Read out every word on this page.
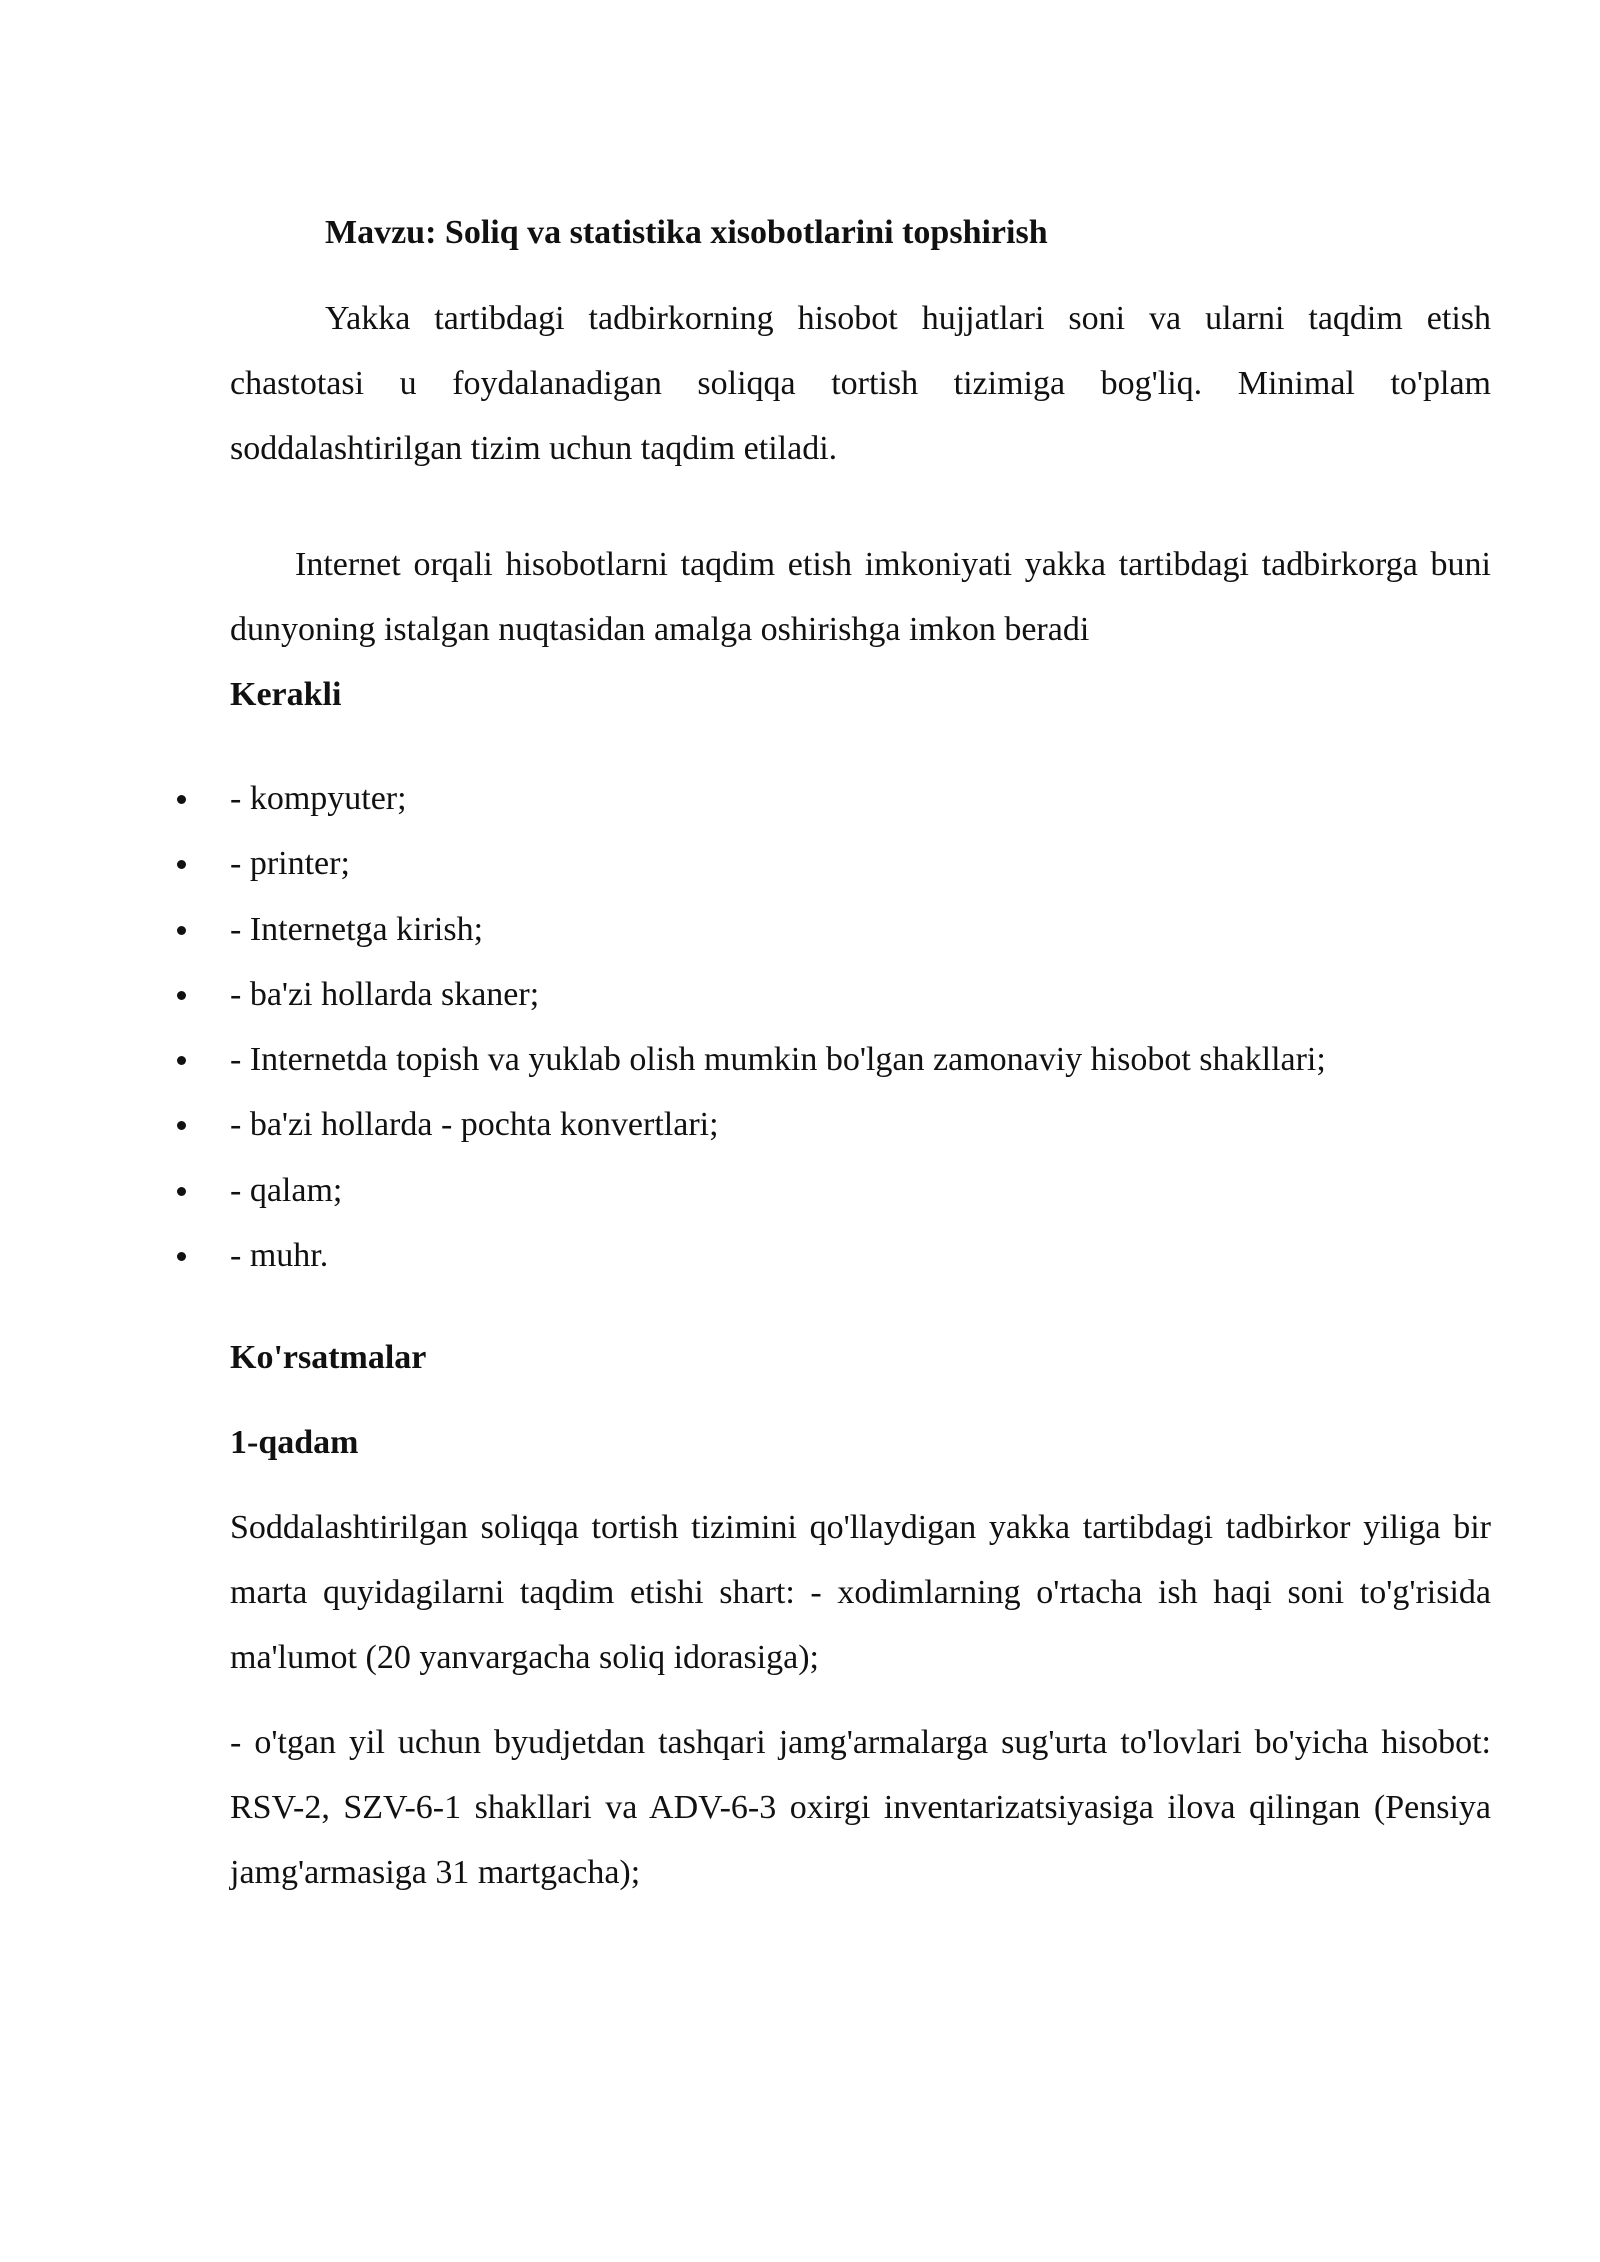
Mavzu: Soliq va statistika xisobotlarini topshirish
Yakka tartibdagi tadbirkorning hisobot hujjatlari soni va ularni taqdim etish chastotasi u foydalanadigan soliqqa tortish tizimiga bog'liq. Minimal to'plam soddalashtirilgan tizim uchun taqdim etiladi.
Internet orqali hisobotlarni taqdim etish imkoniyati yakka tartibdagi tadbirkorga buni dunyoning istalgan nuqtasidan amalga oshirishga imkon beradi
Kerakli
- kompyuter;
- printer;
- Internetga kirish;
- ba'zi hollarda skaner;
- Internetda topish va yuklab olish mumkin bo'lgan zamonaviy hisobot shakllari;
- ba'zi hollarda - pochta konvertlari;
- qalam;
- muhr.
Ko'rsatmalar
1-qadam
Soddalashtirilgan soliqqa tortish tizimini qo'llaydigan yakka tartibdagi tadbirkor yiliga bir marta quyidagilarni taqdim etishi shart: - xodimlarning o'rtacha ish haqi soni to'g'risida ma'lumot (20 yanvargacha soliq idorasiga);
- o'tgan yil uchun byudjetdan tashqari jamg'armalarga sug'urta to'lovlari bo'yicha hisobot: RSV-2, SZV-6-1 shakllari va ADV-6-3 oxirgi inventarizatsiyasiga ilova qilingan (Pensiya jamg'armasiga 31 martgacha);
